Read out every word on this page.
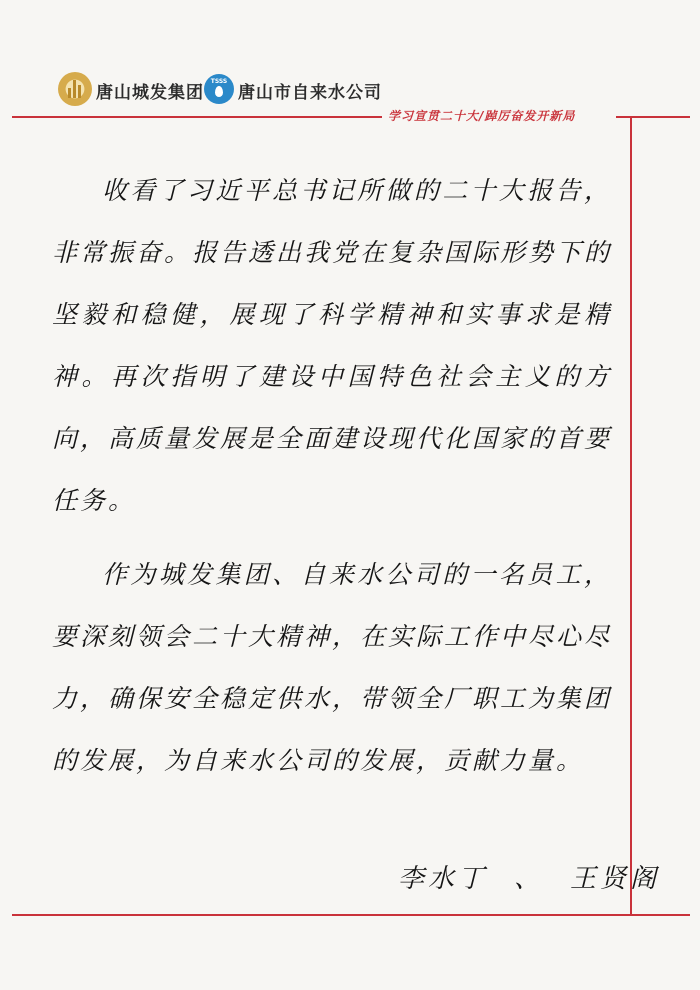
唐山城发集团
TSSS
唐山市自来水公司
学习宣贯二十大/踔厉奋发开新局

收看了习近平总书记所做的二十大报告，非常振奋。报告透出我党在复杂国际形势下的坚毅和稳健，展现了科学精神和实事求是精神。再次指明了建设中国特色社会主义的方向，高质量发展是全面建设现代化国家的首要任务。

作为城发集团、自来水公司的一名员工，要深刻领会二十大精神，在实际工作中尽心尽力，确保安全稳定供水，带领全厂职工为集团的发展，为自来水公司的发展，贡献力量。

李水丁 、 王贤阁
